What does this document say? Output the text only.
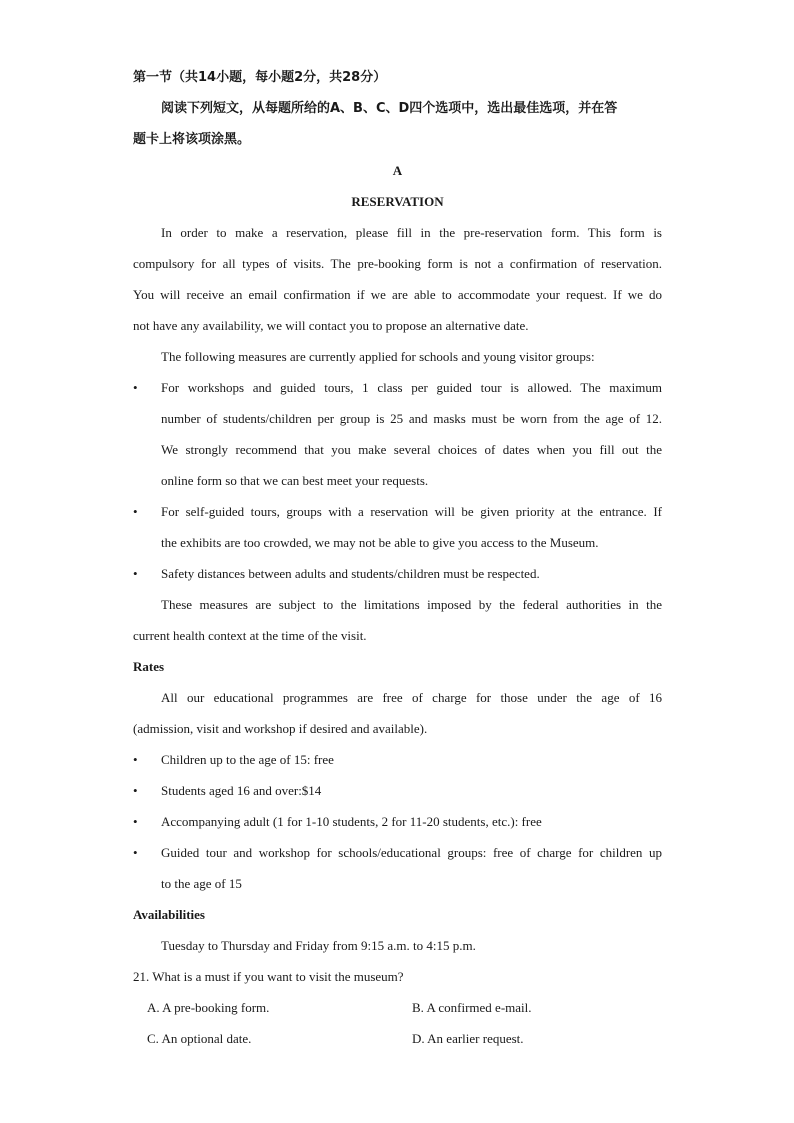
第一节（共14小题，每小题2分，共28分）
阅读下列短文，从每题所给的A、B、C、D四个选项中，选出最佳选项，并在答
题卡上将该项涂黑。
A
RESERVATION
In order to make a reservation, please fill in the pre-reservation form. This form is
compulsory for all types of visits. The pre-booking form is not a confirmation of reservation.
You will receive an email confirmation if we are able to accommodate your request. If we do
not have any availability, we will contact you to propose an alternative date.
The following measures are currently applied for schools and young visitor groups:
• For workshops and guided tours, 1 class per guided tour is allowed. The maximum
number of students/children per group is 25 and masks must be worn from the age of 12.
We strongly recommend that you make several choices of dates when you fill out the
online form so that we can best meet your requests.
• For self-guided tours, groups with a reservation will be given priority at the entrance. If
the exhibits are too crowded, we may not be able to give you access to the Museum.
• Safety distances between adults and students/children must be respected.
These measures are subject to the limitations imposed by the federal authorities in the
current health context at the time of the visit.
Rates
All our educational programmes are free of charge for those under the age of 16
(admission, visit and workshop if desired and available).
• Children up to the age of 15: free
• Students aged 16 and over:$14
• Accompanying adult (1 for 1-10 students, 2 for 11-20 students, etc.): free
• Guided tour and workshop for schools/educational groups: free of charge for children up
to the age of 15
Availabilities
Tuesday to Thursday and Friday from 9:15 a.m. to 4:15 p.m.
21. What is a must if you want to visit the museum?
A. A pre-booking form.	B. A confirmed e-mail.
C. An optional date.	D. An earlier request.
